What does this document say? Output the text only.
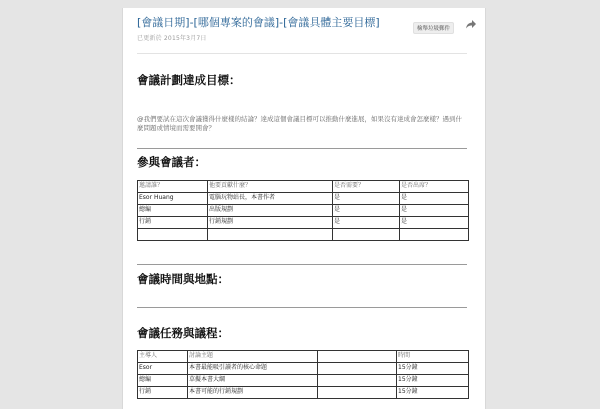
[會議日期]-[哪個專案的會議]-[會議具體主要目標]
已更新於 2015年3月7日
檢舉垃圾郵件
會議計劃達成目標：
@我們要試在這次會議獲得什麼樣的結論？達成這個會議目標可以推動什麼進展，如果沒有達成會怎麼樣？遇到什麼問題或情境而需要開會？
參與會議者：
邀請誰？	他要貢獻什麼？	是否需要？	是否出席？
Esor Huang	電腦玩物站長，本書作者	是	是
總編	出版規劃	是	是
行銷	行銷規劃	是	是

會議時間與地點：
會議任務與議程：
主導人	討論主題		時間
Esor	本書最能吸引讀者的核心命題		15分鐘
總編	草擬本書大綱		15分鐘
行銷	本書可能的行銷規劃		15分鐘
